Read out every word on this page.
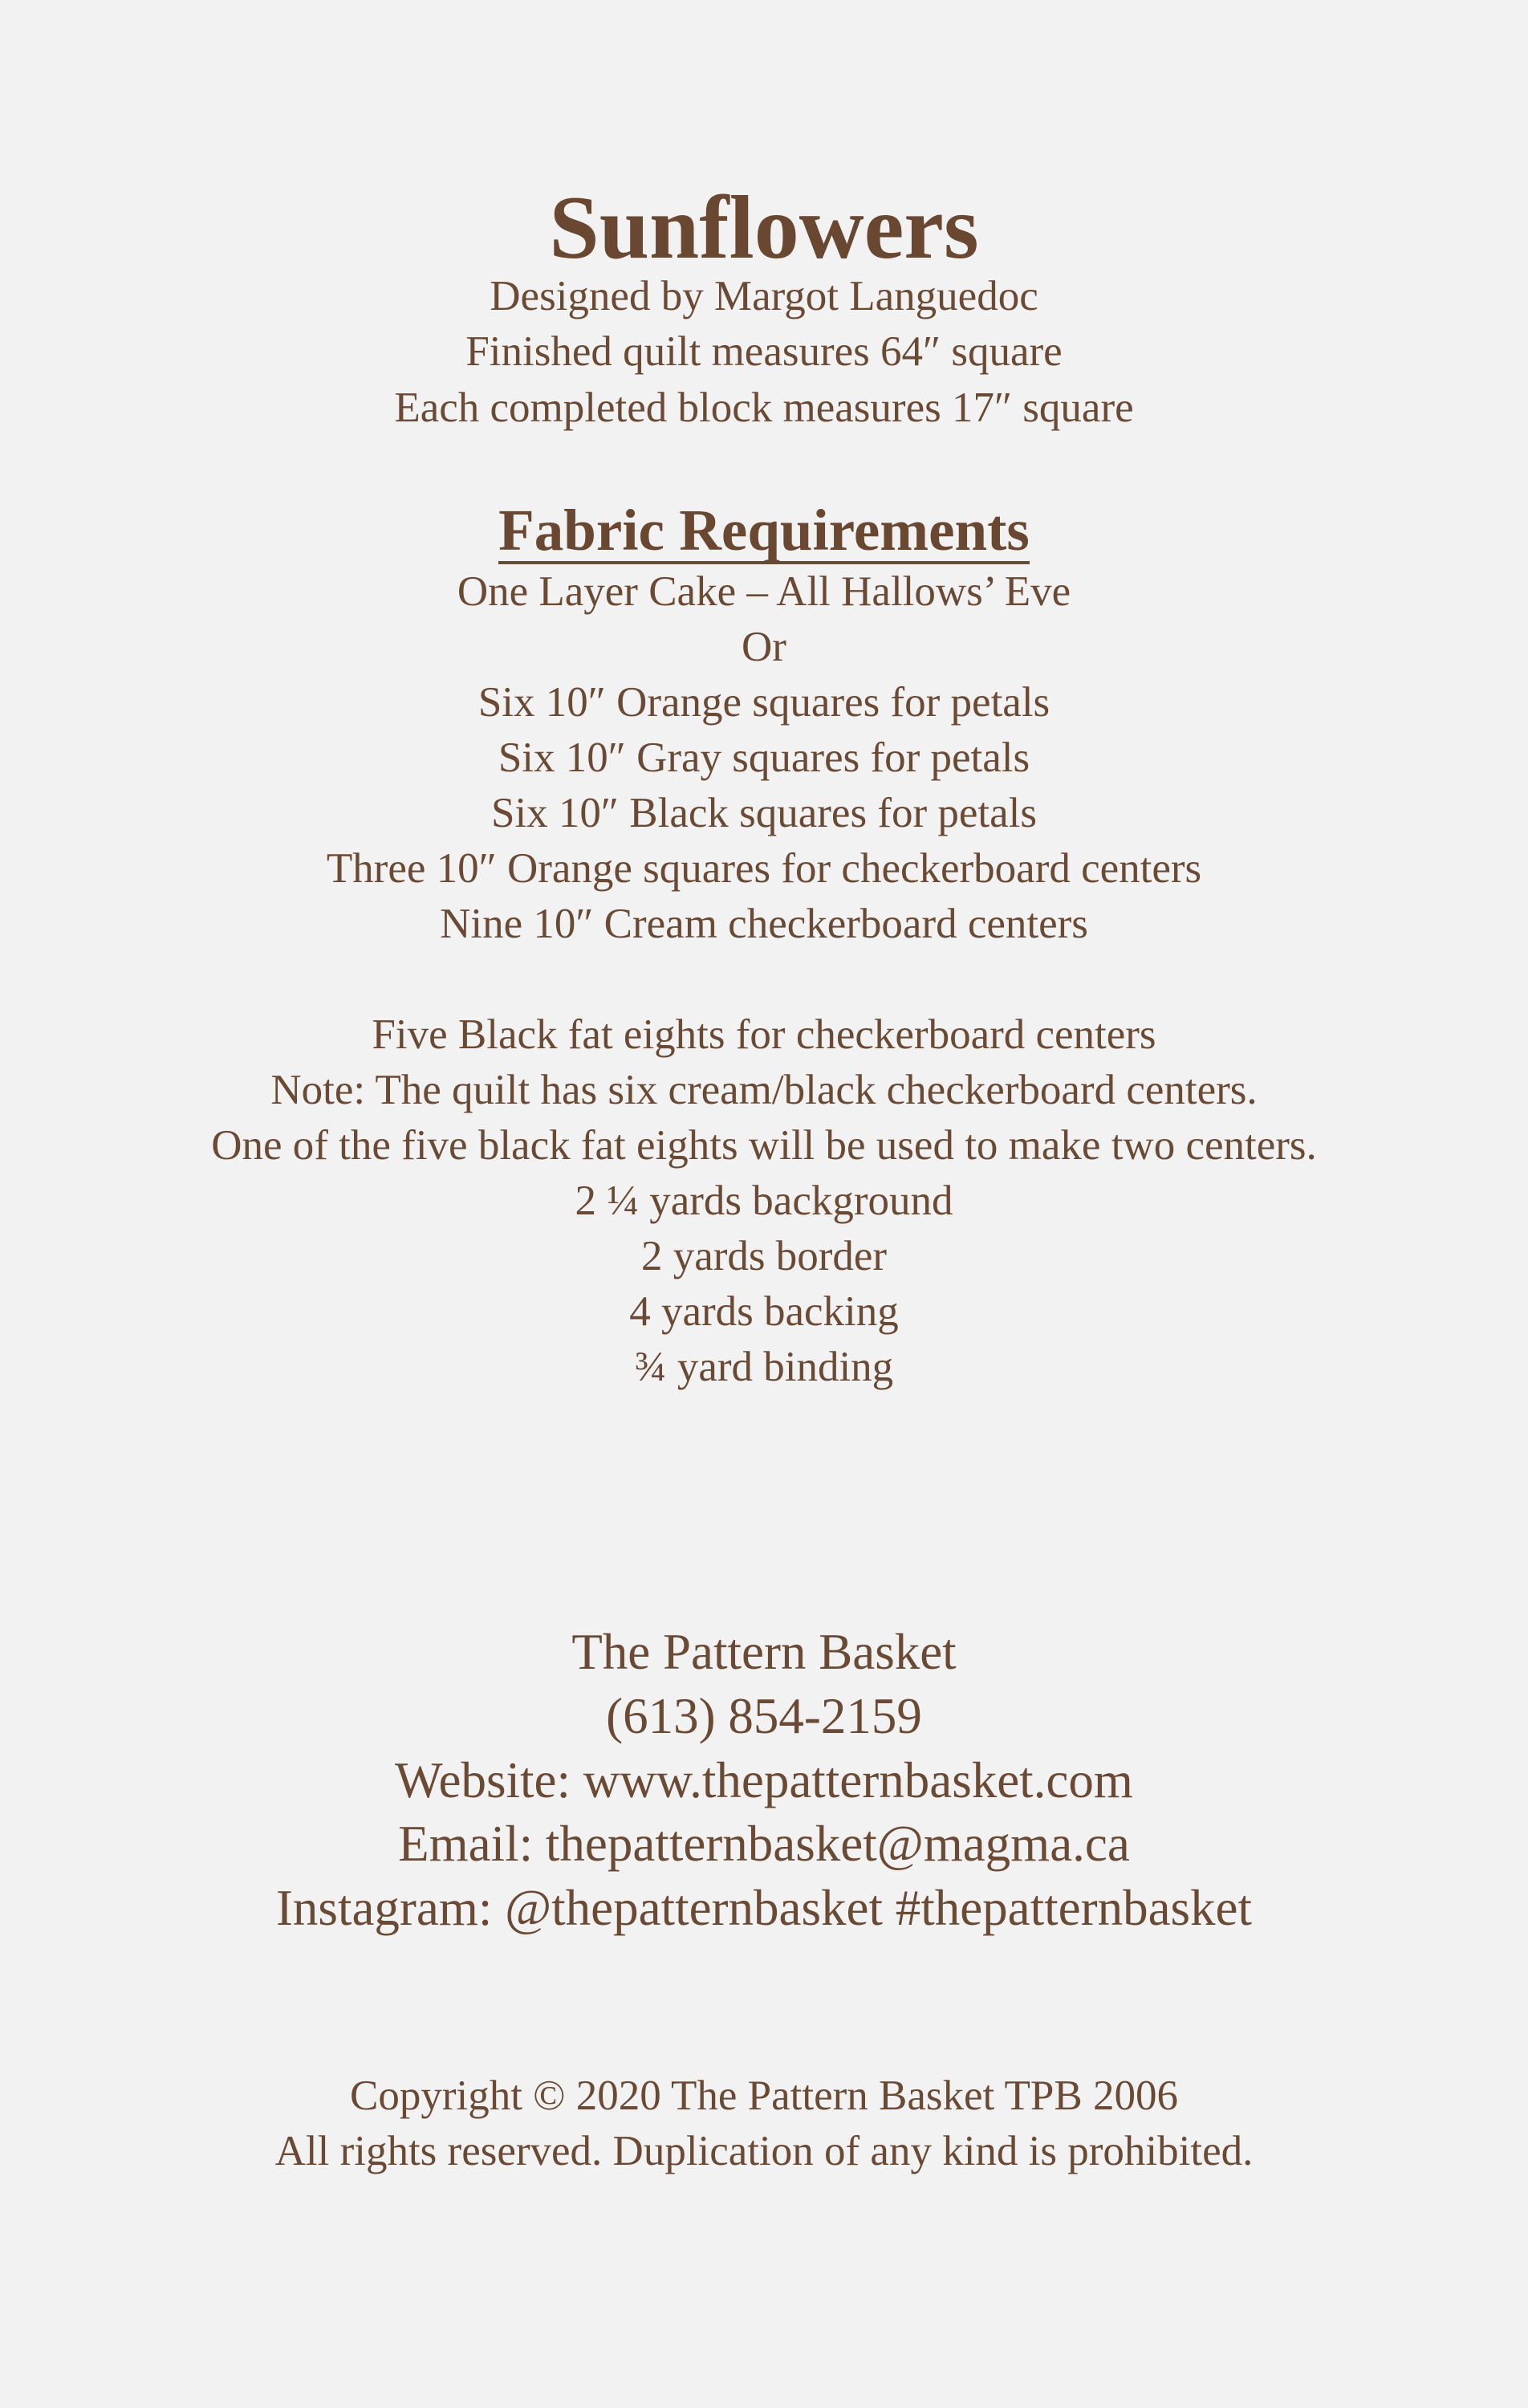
Sunflowers
Designed by Margot Languedoc
Finished quilt measures 64″ square
Each completed block measures 17″ square
Fabric Requirements
One Layer Cake – All Hallows’ Eve
Or
Six 10″ Orange squares for petals
Six 10″ Gray squares for petals
Six 10″ Black squares for petals
Three 10″ Orange squares for checkerboard centers
Nine 10″ Cream checkerboard centers
Five Black fat eights for checkerboard centers
Note: The quilt has six cream/black checkerboard centers.
One of the five black fat eights will be used to make two centers.
2 ¼ yards background
2 yards border
4 yards backing
¾ yard binding
The Pattern Basket
(613) 854-2159
Website: www.thepatternbasket.com
Email: thepatternbasket@magma.ca
Instagram: @thepatternbasket #thepatternbasket
Copyright © 2020 The Pattern Basket TPB 2006
All rights reserved. Duplication of any kind is prohibited.
